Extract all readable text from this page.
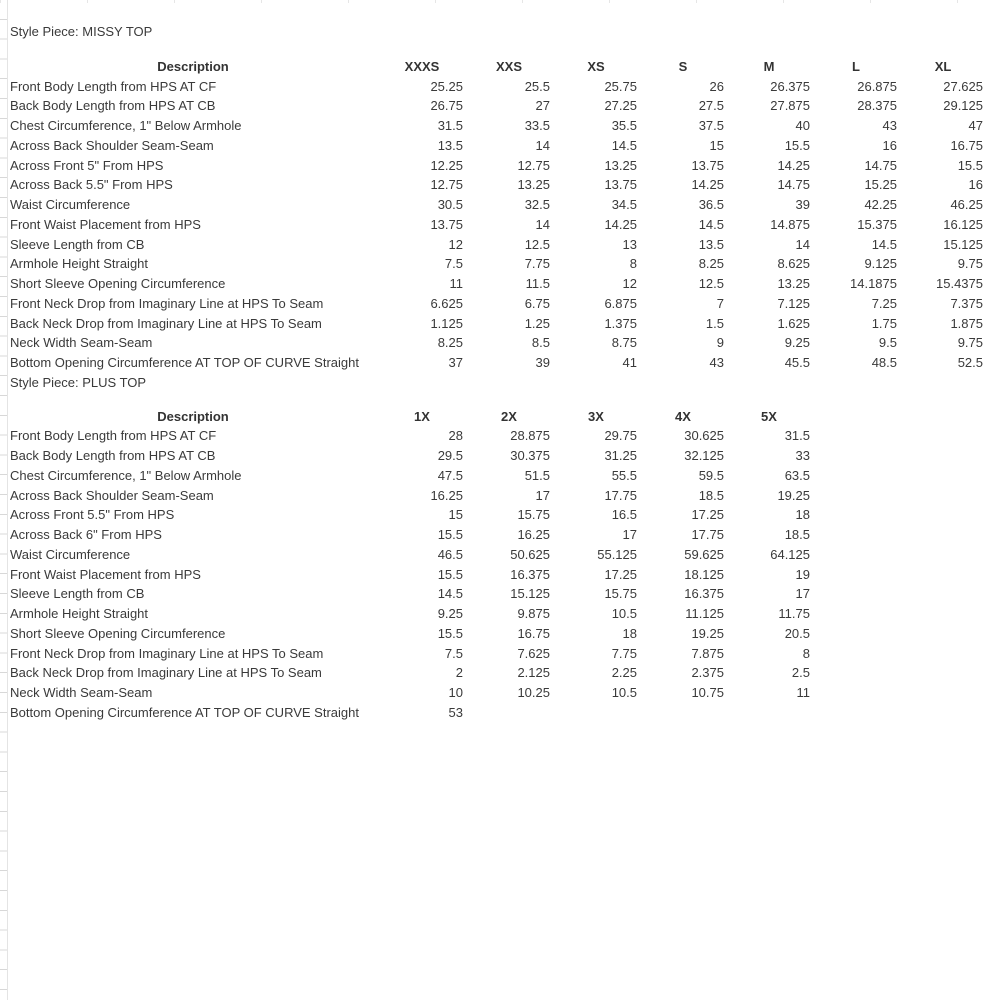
Style Piece: MISSY TOP
Description	XXXS	XXS	XS	S	M	L	XL
Front Body Length from HPS AT CF	25.25	25.5	25.75	26	26.375	26.875	27.625
Back Body Length from HPS AT CB	26.75	27	27.25	27.5	27.875	28.375	29.125
Chest Circumference, 1" Below Armhole	31.5	33.5	35.5	37.5	40	43	47
Across Back Shoulder Seam-Seam	13.5	14	14.5	15	15.5	16	16.75
Across Front 5" From HPS	12.25	12.75	13.25	13.75	14.25	14.75	15.5
Across Back 5.5" From HPS	12.75	13.25	13.75	14.25	14.75	15.25	16
Waist Circumference	30.5	32.5	34.5	36.5	39	42.25	46.25
Front Waist Placement from HPS	13.75	14	14.25	14.5	14.875	15.375	16.125
Sleeve Length from CB	12	12.5	13	13.5	14	14.5	15.125
Armhole Height Straight	7.5	7.75	8	8.25	8.625	9.125	9.75
Short Sleeve Opening Circumference	11	11.5	12	12.5	13.25	14.1875	15.4375
Front Neck Drop from Imaginary Line at HPS To Seam	6.625	6.75	6.875	7	7.125	7.25	7.375
Back Neck Drop from Imaginary Line at HPS To Seam	1.125	1.25	1.375	1.5	1.625	1.75	1.875
Neck Width Seam-Seam	8.25	8.5	8.75	9	9.25	9.5	9.75
Bottom Opening Circumference AT TOP OF CURVE Straight	37	39	41	43	45.5	48.5	52.5
Style Piece: PLUS TOP
Description	1X	2X	3X	4X	5X
Front Body Length from HPS AT CF	28	28.875	29.75	30.625	31.5
Back Body Length from HPS AT CB	29.5	30.375	31.25	32.125	33
Chest Circumference, 1" Below Armhole	47.5	51.5	55.5	59.5	63.5
Across Back Shoulder Seam-Seam	16.25	17	17.75	18.5	19.25
Across Front 5.5" From HPS	15	15.75	16.5	17.25	18
Across Back 6" From HPS	15.5	16.25	17	17.75	18.5
Waist Circumference	46.5	50.625	55.125	59.625	64.125
Front Waist Placement from HPS	15.5	16.375	17.25	18.125	19
Sleeve Length from CB	14.5	15.125	15.75	16.375	17
Armhole Height Straight	9.25	9.875	10.5	11.125	11.75
Short Sleeve Opening Circumference	15.5	16.75	18	19.25	20.5
Front Neck Drop from Imaginary Line at HPS To Seam	7.5	7.625	7.75	7.875	8
Back Neck Drop from Imaginary Line at HPS To Seam	2	2.125	2.25	2.375	2.5
Neck Width Seam-Seam	10	10.25	10.5	10.75	11
Bottom Opening Circumference AT TOP OF CURVE Straight	53
